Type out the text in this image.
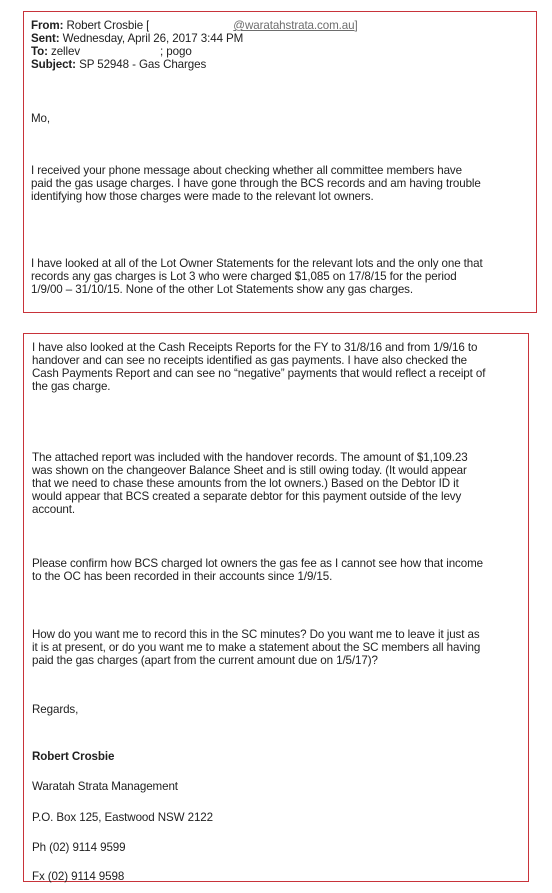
From: Robert Crosbie [	@waratahstrata.com.au]
Sent: Wednesday, April 26, 2017 3:44 PM
To: zellev	; pogo
Subject: SP 52948 - Gas Charges
Mo,
I received your phone message about checking whether all committee members have
paid the gas usage charges. I have gone through the BCS records and am having trouble
identifying how those charges were made to the relevant lot owners.
I have looked at all of the Lot Owner Statements for the relevant lots and the only one that
records any gas charges is Lot 3 who were charged $1,085 on 17/8/15 for the period
1/9/00 – 31/10/15. None of the other Lot Statements show any gas charges.
I have also looked at the Cash Receipts Reports for the FY to 31/8/16 and from 1/9/16 to
handover and can see no receipts identified as gas payments. I have also checked the
Cash Payments Report and can see no “negative” payments that would reflect a receipt of
the gas charge.
The attached report was included with the handover records. The amount of $1,109.23
was shown on the changeover Balance Sheet and is still owing today. (It would appear
that we need to chase these amounts from the lot owners.) Based on the Debtor ID it
would appear that BCS created a separate debtor for this payment outside of the levy
account.
Please confirm how BCS charged lot owners the gas fee as I cannot see how that income
to the OC has been recorded in their accounts since 1/9/15.
How do you want me to record this in the SC minutes? Do you want me to leave it just as
it is at present, or do you want me to make a statement about the SC members all having
paid the gas charges (apart from the current amount due on 1/5/17)?
Regards,
Robert Crosbie
Waratah Strata Management
P.O. Box 125, Eastwood NSW 2122
Ph (02) 9114 9599
Fx (02) 9114 9598
